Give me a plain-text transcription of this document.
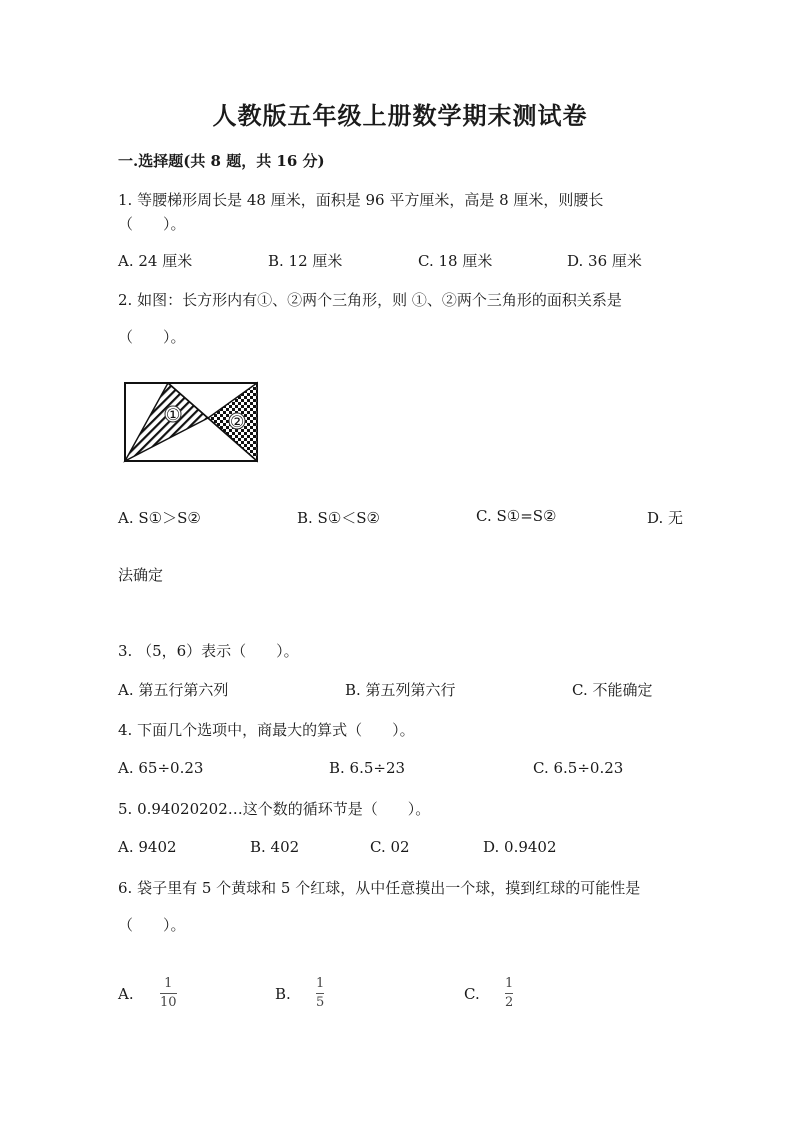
人教版五年级上册数学期末测试卷
一.选择题(共 8 题，共 16 分)
1. 等腰梯形周长是 48 厘米，面积是 96 平方厘米，高是 8 厘米，则腰长
（　　）。
A. 24 厘米	B. 12 厘米	C. 18 厘米	D. 36 厘米
2. 如图：长方形内有①、②两个三角形，则 ①、②两个三角形的面积关系是
（　　）。
①	②
A. S①＞S②	B. S①＜S②	C. S①=S②	D. 无
法确定
3. （5，6）表示（　　）。
A. 第五行第六列	B. 第五列第六行	C. 不能确定
4. 下面几个选项中，商最大的算式（　　）。
A. 65÷0.23	B. 6.5÷23	C. 6.5÷0.23
5. 0.94020202…这个数的循环节是（　　）。
A. 9402	B. 402	C. 02	D. 0.9402
6. 袋子里有 5 个黄球和 5 个红球，从中任意摸出一个球，摸到红球的可能性是
（　　）。
A.
1
10	B.
1
5	C.
1
2
